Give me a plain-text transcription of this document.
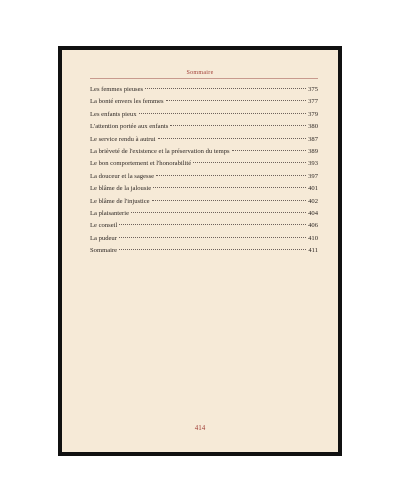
Sommaire
Les femmes pieuses	375
La bonté envers les femmes	377
Les enfants pieux	379
L'attention portée aux enfants	380
Le service rendu à autrui	387
La brièveté de l'existence et la préservation du temps	389
Le bon comportement et l'honorabilité	393
La douceur et la sagesse	397
Le blâme de la jalousie	401
Le blâme de l'injustice	402
La plaisanterie	404
Le conseil	406
La pudeur	410
Sommaire	411
414
